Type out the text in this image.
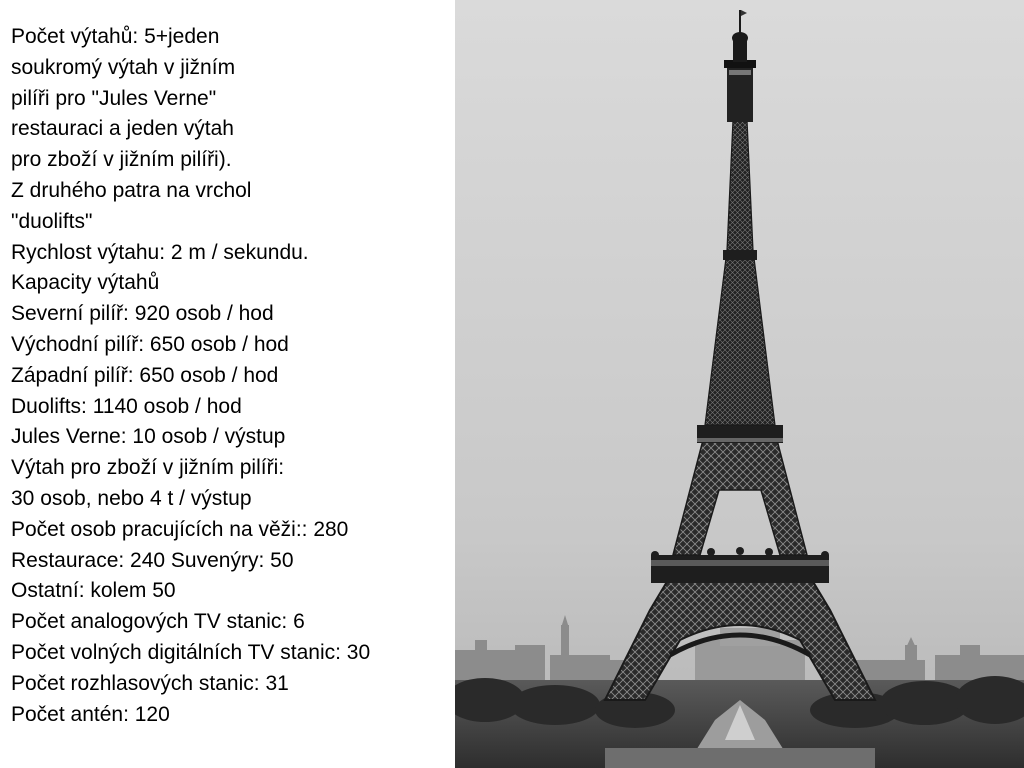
Počet výtahů: 5+jeden
soukromý výtah v jižním
pilíři pro "Jules Verne"
restauraci a jeden výtah
pro zboží v jižním pilíři).
Z druhého patra na vrchol
"duolifts"
Rychlost výtahu: 2 m / sekundu.
Kapacity výtahů
Severní pilíř: 920 osob / hod
Východní pilíř: 650 osob / hod
Západní pilíř: 650 osob / hod
Duolifts: 1140 osob / hod
Jules Verne: 10 osob / výstup
Výtah pro zboží v jižním pilíři:
30 osob, nebo 4 t / výstup
Počet osob pracujících na věži:: 280
Restaurace: 240 Suvenýry: 50
Ostatní: kolem 50
Počet analogových TV stanic: 6
Počet volných digitálních TV stanic: 30
Počet rozhlasových stanic: 31
Počet antén: 120
